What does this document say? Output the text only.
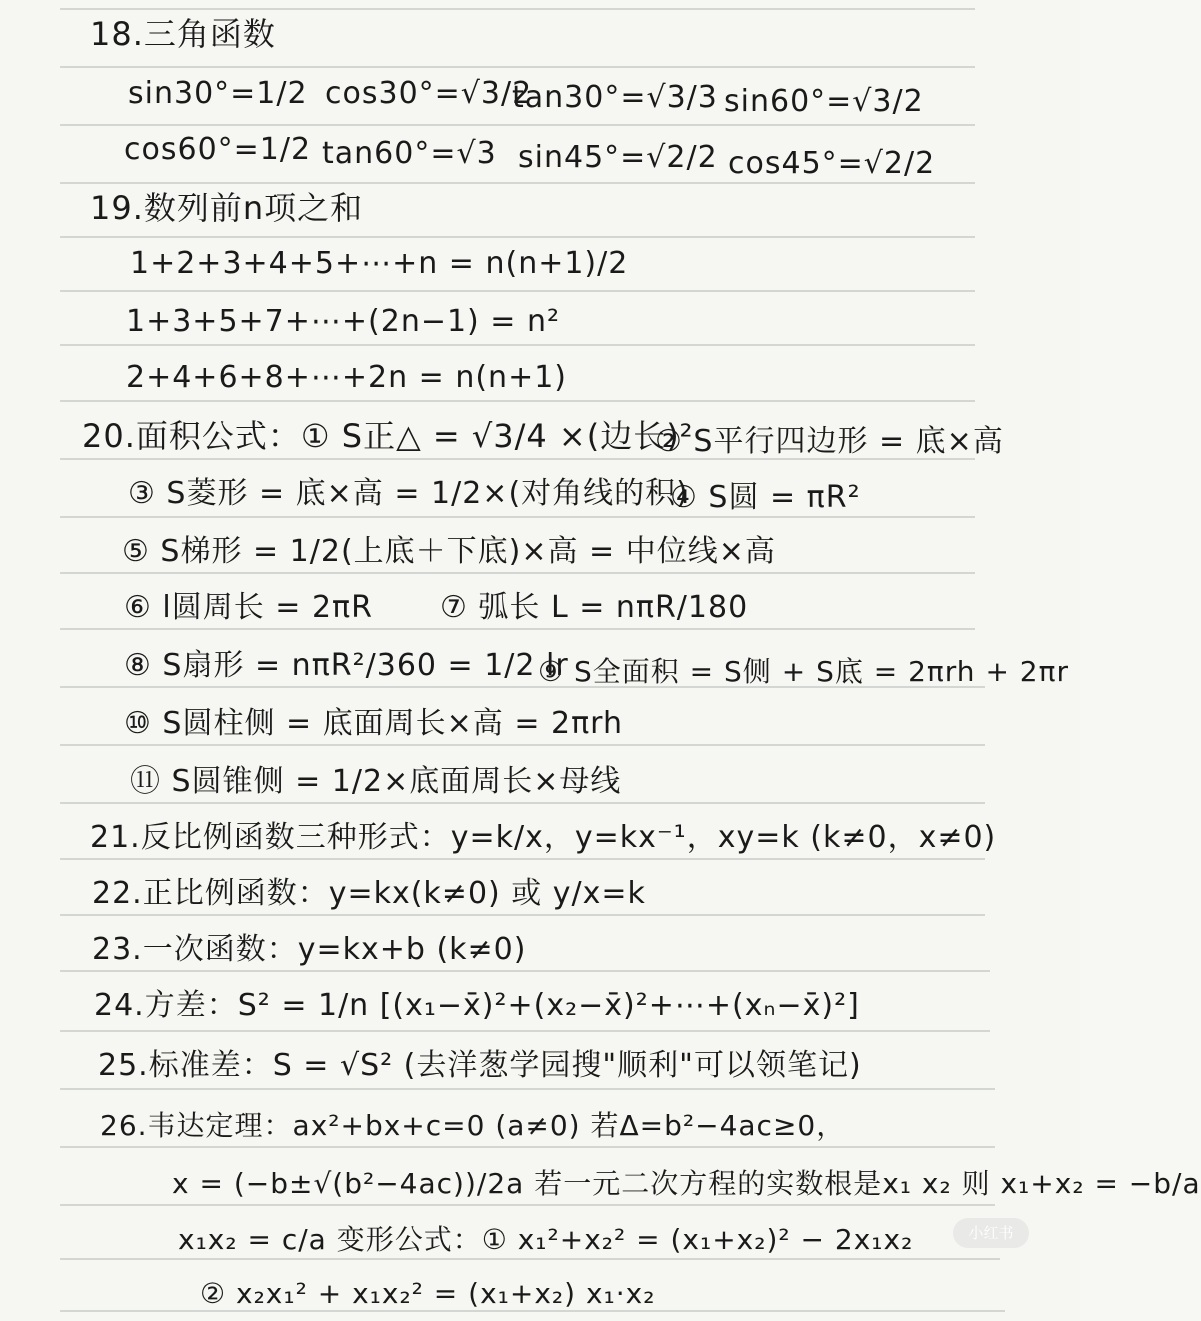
18.三角函数
sin30°=1/2 cos30°=√3/2
tan30°=√3/3 sin60°=√3/2
cos60°=1/2 tan60°=√3 sin45°=√2/2 cos45°=√2/2
19.数列前n项之和
1+2+3+4+5+⋯+n = n(n+1)/2
1+3+5+7+⋯+(2n−1) = n²
2+4+6+8+⋯+2n = n(n+1)
20.面积公式：① S正△ = √3/4 ×(边长)²
② S平行四边形 = 底×高
③ S菱形 = 底×高 = 1/2×(对角线的积)
④ S圆 = πR²
⑤ S梯形 = 1/2(上底＋下底)×高 = 中位线×高
⑥ l圆周长 = 2πR ⑦ 弧长 L = nπR/180
⑧ S扇形 = nπR²/360 = 1/2 lr
⑨ S全面积 = S侧 + S底 = 2πrh + 2πr
⑩ S圆柱侧 = 底面周长×高 = 2πrh
⑪ S圆锥侧 = 1/2×底面周长×母线
21.反比例函数三种形式：y=k/x，y=kx⁻¹，xy=k (k≠0，x≠0)
22.正比例函数：y=kx(k≠0) 或 y/x=k
23.一次函数：y=kx+b (k≠0)
24.方差：S² = 1/n [(x₁−x̄)²+(x₂−x̄)²+⋯+(xₙ−x̄)²]
25.标准差：S = √S² (去洋葱学园搜"顺利"可以领笔记)
26.韦达定理：ax²+bx+c=0 (a≠0) 若Δ=b²−4ac≥0，
x = (−b±√(b²−4ac))/2a 若一元二次方程的实数根是x₁ x₂ 则 x₁+x₂ = −b/a
x₁x₂ = c/a 变形公式：① x₁²+x₂² = (x₁+x₂)² − 2x₁x₂
② x₂x₁² + x₁x₂² = (x₁+x₂) x₁·x₂
小红书
